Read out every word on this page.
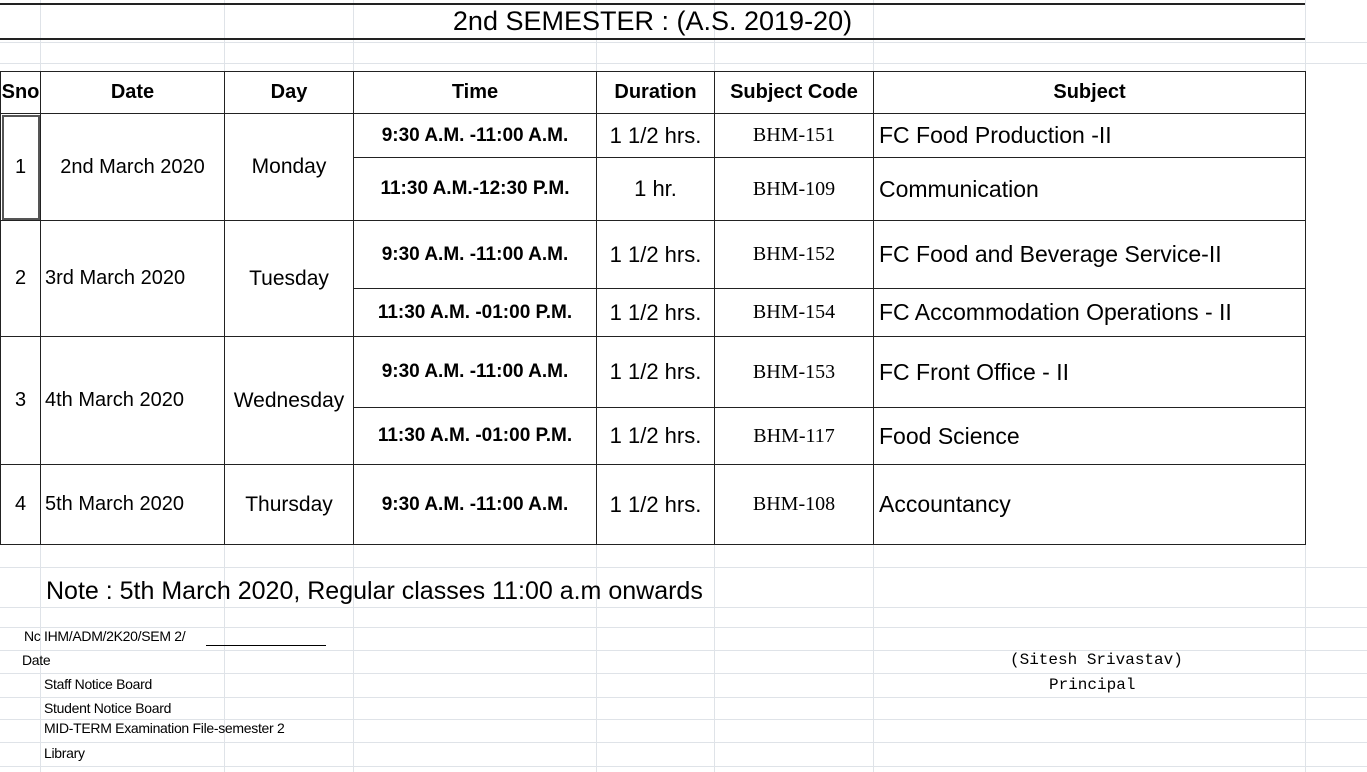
2nd SEMESTER : (A.S. 2019-20)
Sno	Date	Day	Time	Duration	Subject Code	Subject
1	2nd March 2020	Monday	9:30 A.M. -11:00 A.M.	1 1/2 hrs.	BHM-151	FC Food Production -II
			11:30 A.M.-12:30 P.M.	1 hr.	BHM-109	Communication
2	3rd March 2020	Tuesday	9:30 A.M. -11:00 A.M.	1 1/2 hrs.	BHM-152	FC Food and Beverage Service-II
			11:30 A.M. -01:00 P.M.	1 1/2 hrs.	BHM-154	FC Accommodation Operations - II
3	4th March 2020	Wednesday	9:30 A.M. -11:00 A.M.	1 1/2 hrs.	BHM-153	FC Front Office - II
			11:30 A.M. -01:00 P.M.	1 1/2 hrs.	BHM-117	Food Science
4	5th March 2020	Thursday	9:30 A.M. -11:00 A.M.	1 1/2 hrs.	BHM-108	Accountancy
Note : 5th March 2020, Regular classes 11:00 a.m onwards
Nc IHM/ADM/2K20/SEM 2/
Date
Staff Notice Board
Student Notice Board
MID-TERM Examination File-semester 2
Library
(Sitesh Srivastav)
Principal
